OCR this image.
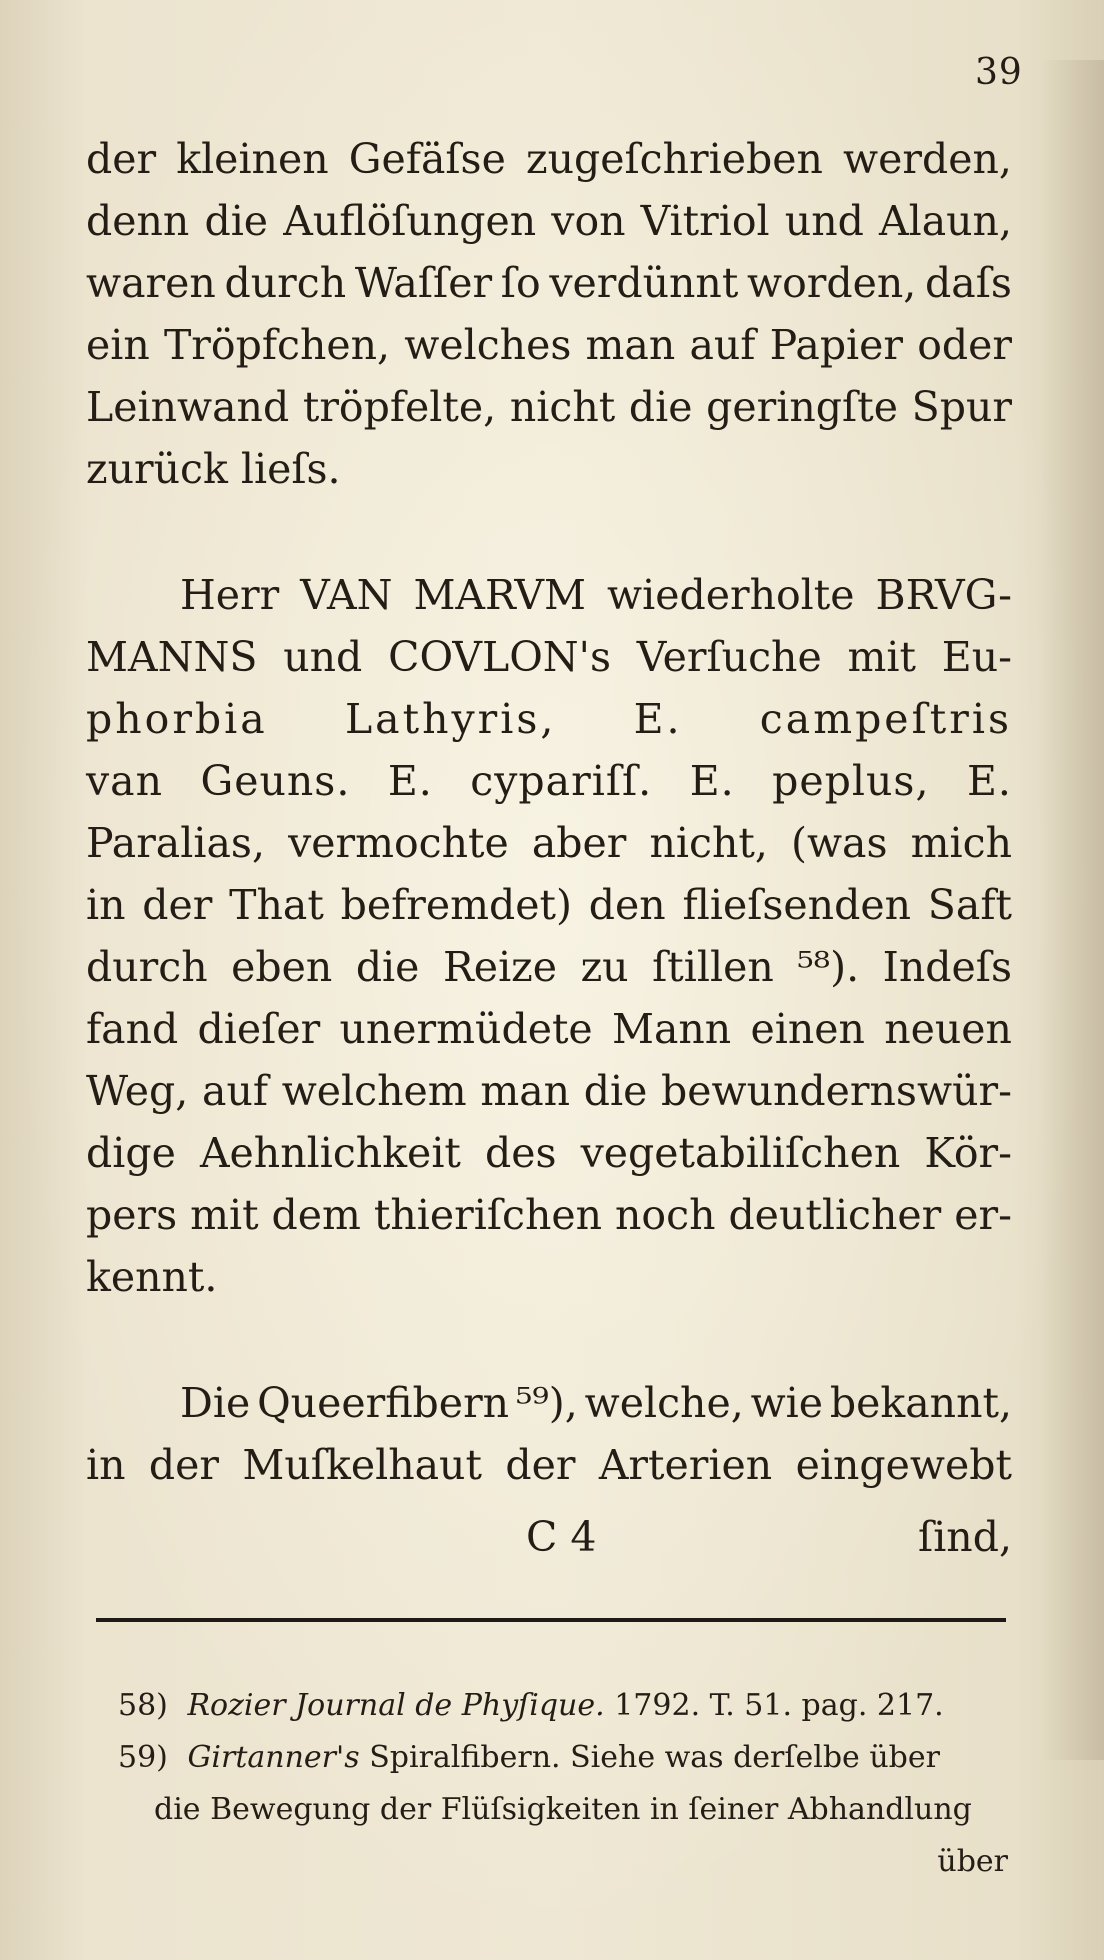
39
der kleinen Gefäſse zugeſchrieben werden,
denn die Auflöſungen von Vitriol und Alaun,
waren durch Waſſer ſo verdünnt worden, daſs
ein Tröpfchen, welches man auf Papier oder
Leinwand tröpfelte, nicht die geringſte Spur
zurück lieſs.
Herr VAN MARVM wiederholte BRVG-
MANNS und COVLON's Verſuche mit Eu-
phorbia Lathyris, E. campeſtris
van Geuns. E. cypariſſ. E. peplus, E.
Paralias, vermochte aber nicht, (was mich
in der That befremdet) den flieſsenden Saft
durch eben die Reize zu ſtillen ⁵⁸). Indeſs
fand dieſer unermüdete Mann einen neuen
Weg, auf welchem man die bewundernswür-
dige Aehnlichkeit des vegetabiliſchen Kör-
pers mit dem thieriſchen noch deutlicher er-
kennt.
Die Queerfibern ⁵⁹), welche, wie bekannt,
in der Muſkelhaut der Arterien eingewebt
C 4	ſind,
58) Rozier Journal de Phyſique. 1792. T. 51. pag. 217.
59) Girtanner's Spiralfibern. Siehe was derſelbe über
die Bewegung der Flüſsigkeiten in ſeiner Abhandlung
über
